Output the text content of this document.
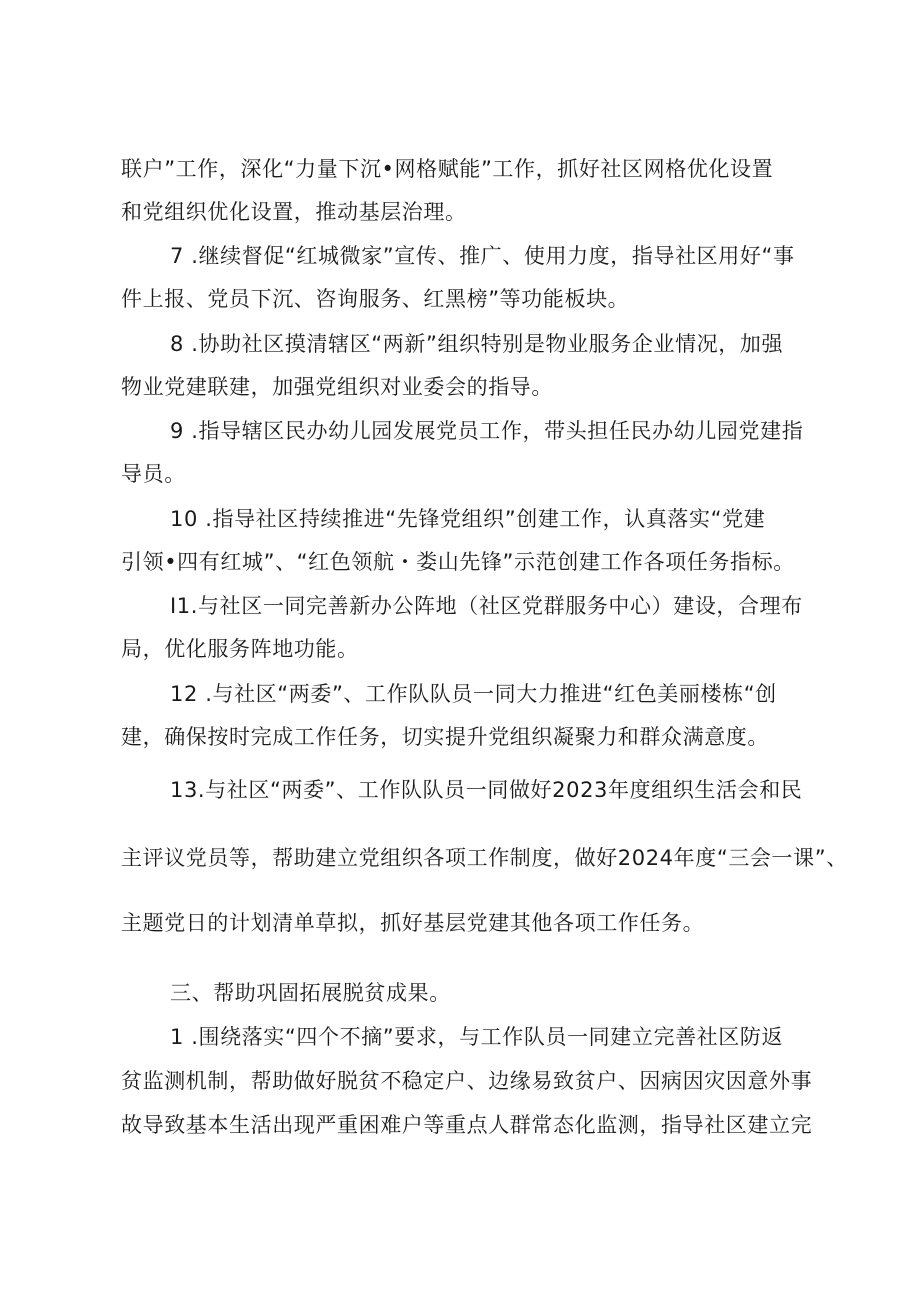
联户”工作，深化“力量下沉•网格赋能”工作，抓好社区网格优化设置
和党组织优化设置，推动基层治理。
7 .继续督促“红城微家”宣传、推广、使用力度，指导社区用好“事
件上报、党员下沉、咨询服务、红黑榜”等功能板块。
8 .协助社区摸清辖区“两新”组织特别是物业服务企业情况，加强
物业党建联建，加强党组织对业委会的指导。
9 .指导辖区民办幼儿园发展党员工作，带头担任民办幼儿园党建指
导员。
10 .指导社区持续推进“先锋党组织”创建工作，认真落实“党建
引领•四有红城”、“红色领航・娄山先锋”示范创建工作各项任务指标。
I1.与社区一同完善新办公阵地（社区党群服务中心）建设，合理布
局，优化服务阵地功能。
12 .与社区“两委”、工作队队员一同大力推进“红色美丽楼栋“创
建，确保按时完成工作任务，切实提升党组织凝聚力和群众满意度。
13.与社区“两委”、工作队队员一同做好2023年度组织生活会和民
主评议党员等，帮助建立党组织各项工作制度，做好2024年度“三会一课”、
主题党日的计划清单草拟，抓好基层党建其他各项工作任务。
三、帮助巩固拓展脱贫成果。
1 .围绕落实“四个不摘”要求，与工作队员一同建立完善社区防返
贫监测机制，帮助做好脱贫不稳定户、边缘易致贫户、因病因灾因意外事
故导致基本生活出现严重困难户等重点人群常态化监测，指导社区建立完
